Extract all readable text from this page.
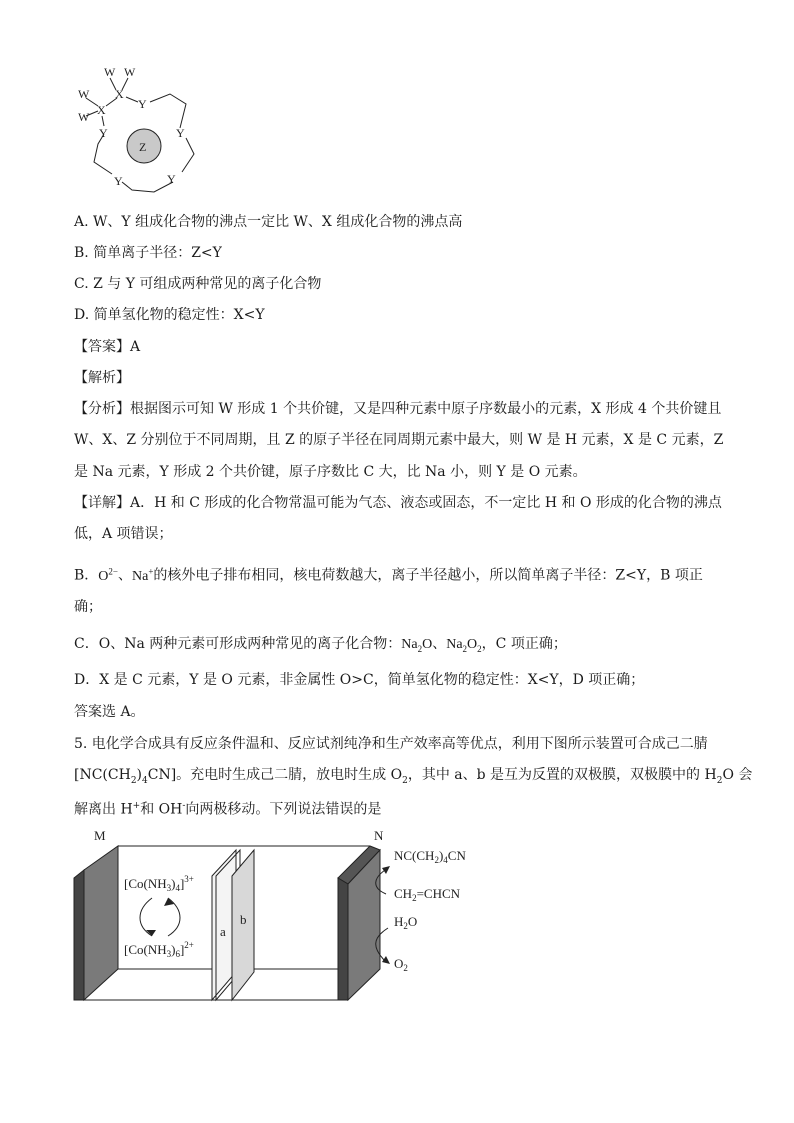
W W
X
W
W X	Y
Y
Y
Y
Y
Z
A. W、Y 组成化合物的沸点一定比 W、X 组成化合物的沸点高
B. 简单离子半径：Z<Y
C. Z 与 Y 可组成两种常见的离子化合物
D. 简单氢化物的稳定性：X<Y
【答案】A
【解析】
【分析】根据图示可知 W 形成 1 个共价键，又是四种元素中原子序数最小的元素，X 形成 4 个共价键且
W、X、Z 分别位于不同周期，且 Z 的原子半径在同周期元素中最大，则 W 是 H 元素，X 是 C 元素，Z
是 Na 元素，Y 形成 2 个共价键，原子序数比 C 大，比 Na 小，则 Y 是 O 元素。
【详解】A．H 和 C 形成的化合物常温可能为气态、液态或固态，不一定比 H 和 O 形成的化合物的沸点
低，A 项错误；
B．$O^{2-}$、Na+的核外电子排布相同，核电荷数越大，离子半径越小，所以简单离子半径：Z<Y，B 项正
确；
C．O、Na 两种元素可形成两种常见的离子化合物：$Na_2O$、$Na_2O_2$，C 项正确；
D．X 是 C 元素，Y 是 O 元素，非金属性 O>C，简单氢化物的稳定性：X<Y，D 项正确；
答案选 A。
5. 电化学合成具有反应条件温和、反应试剂纯净和生产效率高等优点，利用下图所示装置可合成己二腈
$[NC(CH_2)_4CN]$。充电时生成己二腈，放电时生成 $O_2$，其中 a、b 是互为反置的双极膜，双极膜中的 $H_2O$ 会
解离出 H+和 OH-向两极移动。下列说法错误的是
M	N
a
b
$[Co(NH_3)_4]^{3+}$
$[Co(NH_3)_6]^{2+}$
$NC(CH_2)_4CN$
$CH_2=CHCN$
$H_2O$
$O_2$
